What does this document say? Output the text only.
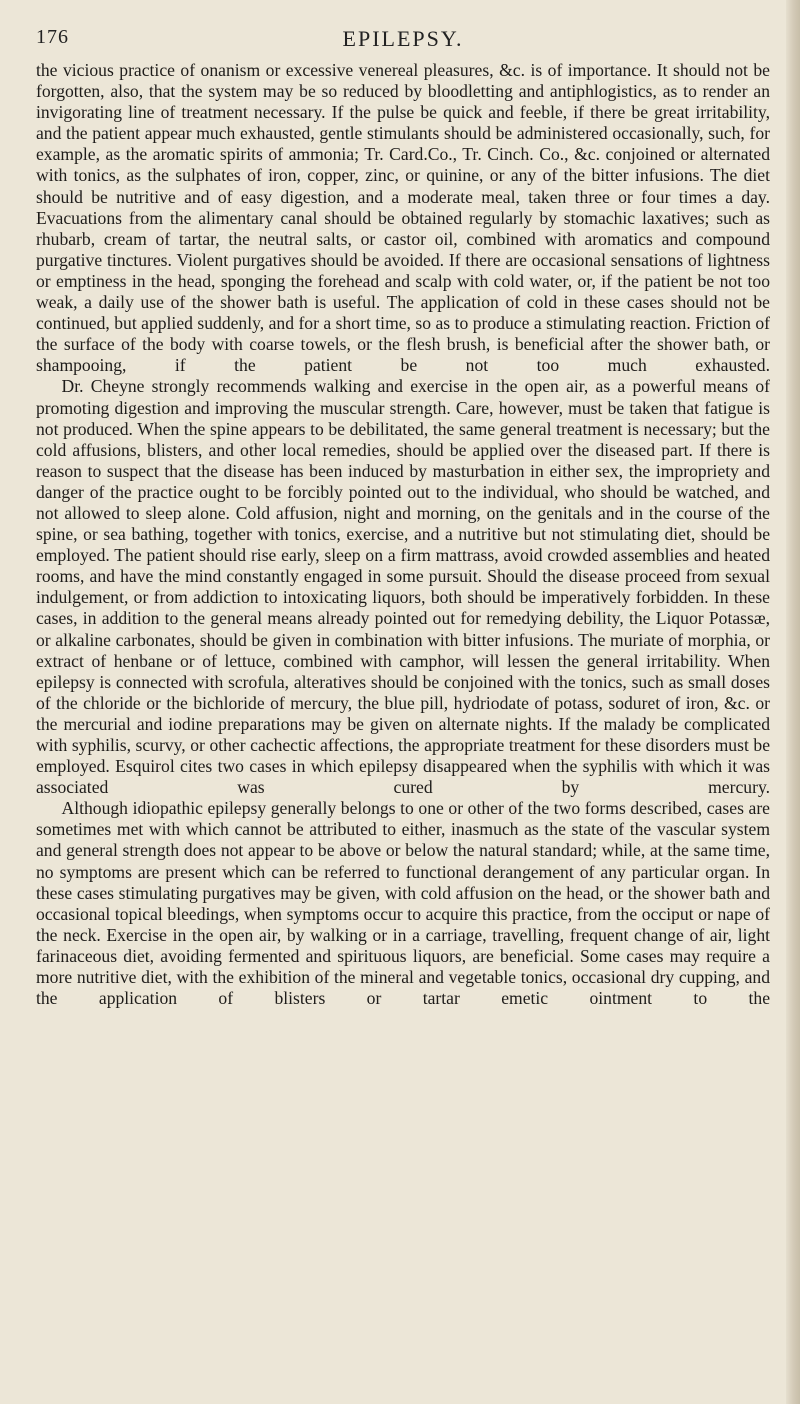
176	EPILEPSY.

the vicious practice of onanism or excessive venereal pleasures, &c. is of importance. It should not be forgotten, also, that the system may be so reduced by bloodletting and antiphlogistics, as to render an invigorating line of treatment necessary. If the pulse be quick and feeble, if there be great irritability, and the patient appear much exhausted, gentle stimulants should be administered occasionally, such, for example, as the aromatic spirits of ammonia; Tr. Card.Co., Tr. Cinch. Co., &c. conjoined or alternated with tonics, as the sulphates of iron, copper, zinc, or quinine, or any of the bitter infusions. The diet should be nutritive and of easy digestion, and a moderate meal, taken three or four times a day. Evacuations from the alimentary canal should be obtained regularly by stomachic laxatives; such as rhubarb, cream of tartar, the neutral salts, or castor oil, combined with aromatics and compound purgative tinctures. Violent purgatives should be avoided. If there are occasional sensations of lightness or emptiness in the head, sponging the forehead and scalp with cold water, or, if the patient be not too weak, a daily use of the shower bath is useful. The application of cold in these cases should not be continued, but applied suddenly, and for a short time, so as to produce a stimulating reaction. Friction of the surface of the body with coarse towels, or the flesh brush, is beneficial after the shower bath, or shampooing, if the patient be not too much exhausted.

Dr. Cheyne strongly recommends walking and exercise in the open air, as a powerful means of promoting digestion and improving the muscular strength. Care, however, must be taken that fatigue is not produced. When the spine appears to be debilitated, the same general treatment is necessary; but the cold affusions, blisters, and other local remedies, should be applied over the diseased part. If there is reason to suspect that the disease has been induced by masturbation in either sex, the impropriety and danger of the practice ought to be forcibly pointed out to the individual, who should be watched, and not allowed to sleep alone. Cold affusion, night and morning, on the genitals and in the course of the spine, or sea bathing, together with tonics, exercise, and a nutritive but not stimulating diet, should be employed. The patient should rise early, sleep on a firm mattrass, avoid crowded assemblies and heated rooms, and have the mind constantly engaged in some pursuit. Should the disease proceed from sexual indulgement, or from addiction to intoxicating liquors, both should be imperatively forbidden. In these cases, in addition to the general means already pointed out for remedying debility, the Liquor Potassæ, or alkaline carbonates, should be given in combination with bitter infusions. The muriate of morphia, or extract of henbane or of lettuce, combined with camphor, will lessen the general irritability. When epilepsy is connected with scrofula, alteratives should be conjoined with the tonics, such as small doses of the chloride or the bichloride of mercury, the blue pill, hydriodate of potass, soduret of iron, &c. or the mercurial and iodine preparations may be given on alternate nights. If the malady be complicated with syphilis, scurvy, or other cachectic affections, the appropriate treatment for these disorders must be employed. Esquirol cites two cases in which epilepsy disappeared when the syphilis with which it was associated was cured by mercury.

Although idiopathic epilepsy generally belongs to one or other of the two forms described, cases are sometimes met with which cannot be attributed to either, inasmuch as the state of the vascular system and general strength does not appear to be above or below the natural standard; while, at the same time, no symptoms are present which can be referred to functional derangement of any particular organ. In these cases stimulating purgatives may be given, with cold affusion on the head, or the shower bath and occasional topical bleedings, when symptoms occur to acquire this practice, from the occiput or nape of the neck. Exercise in the open air, by walking or in a carriage, travelling, frequent change of air, light farinaceous diet, avoiding fermented and spirituous liquors, are beneficial. Some cases may require a more nutritive diet, with the exhibition of the mineral and vegetable tonics, occasional dry cupping, and the application of blisters or tartar emetic ointment to the
